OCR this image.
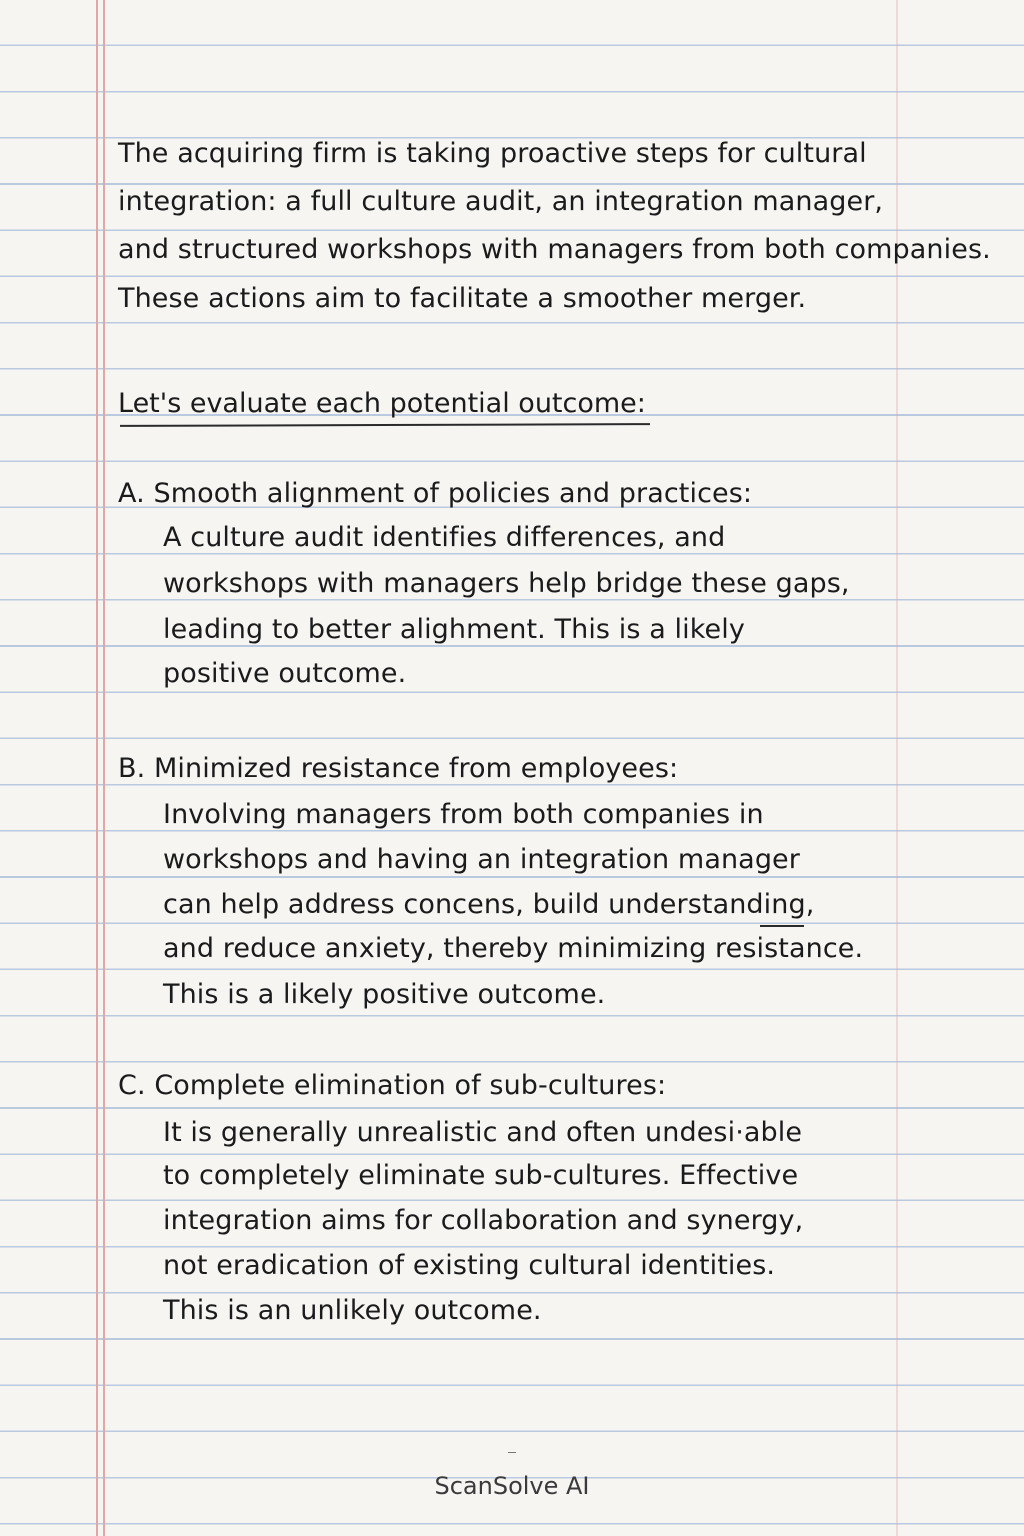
The acquiring firm is taking proactive steps for cultural
integration: a full culture audit, an integration manager,
and structured workshops with managers from both companies.
These actions aim to facilitate a smoother merger.
Let's evaluate each potential outcome:
A. Smooth alignment of policies and practices:
A culture audit identifies differences, and
workshops with managers help bridge these gaps,
leading to better alighment. This is a likely
positive outcome.
B. Minimized resistance from employees:
Involving managers from both companies in
workshops and having an integration manager
can help address concens, build understanding,
and reduce anxiety, thereby minimizing resistance.
This is a likely positive outcome.
C. Complete elimination of sub-cultures:
It is generally unrealistic and often undesi·able
to completely eliminate sub-cultures. Effective
integration aims for collaboration and synergy,
not eradication of existing cultural identities.
This is an unlikely outcome.
ScanSolve AI
